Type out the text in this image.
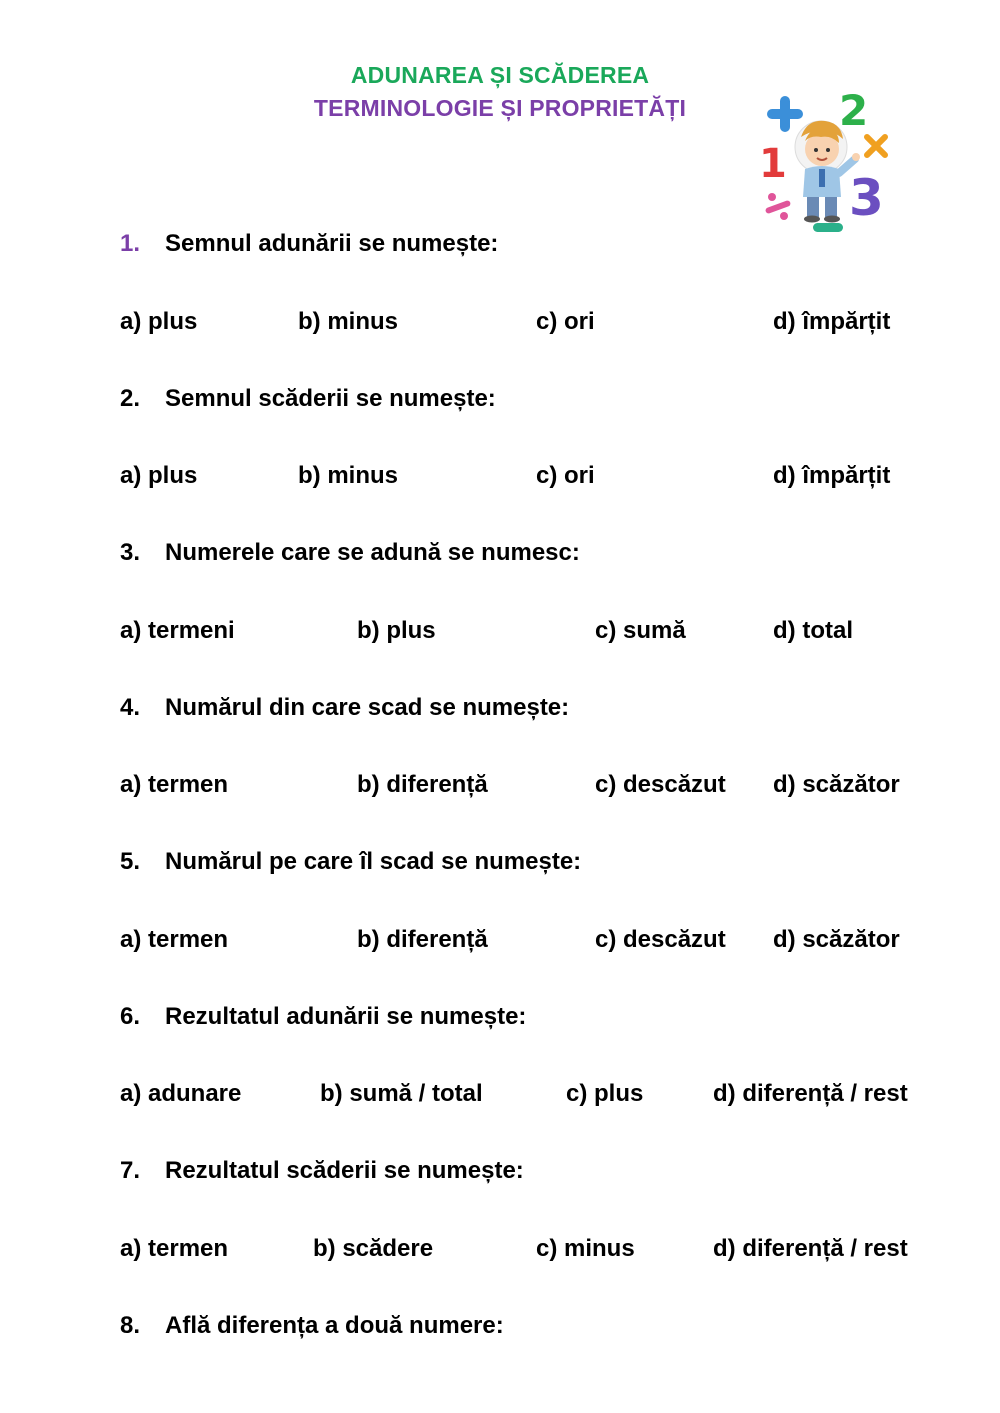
ADUNAREA ȘI SCĂDEREA
TERMINOLOGIE ȘI PROPRIETĂȚI	2
1
3
1. Semnul adunării se numește:
a) plus	b) minus	c) ori	d) împărțit
2. Semnul scăderii se numește:
a) plus	b) minus	c) ori	d) împărțit
3. Numerele care se adună se numesc:
a) termeni	b) plus	c) sumă	d) total
4. Numărul din care scad se numește:
a) termen	b) diferență	c) descăzut d) scăzător
5. Numărul pe care îl scad se numește:
a) termen	b) diferență	c) descăzut d) scăzător
6. Rezultatul adunării se numește:
a) adunare	b) sumă / total	c) plus	d) diferență / rest
7. Rezultatul scăderii se numește:
a) termen	b) scădere	c) minus	d) diferență / rest
8. Află diferența a două numere:
